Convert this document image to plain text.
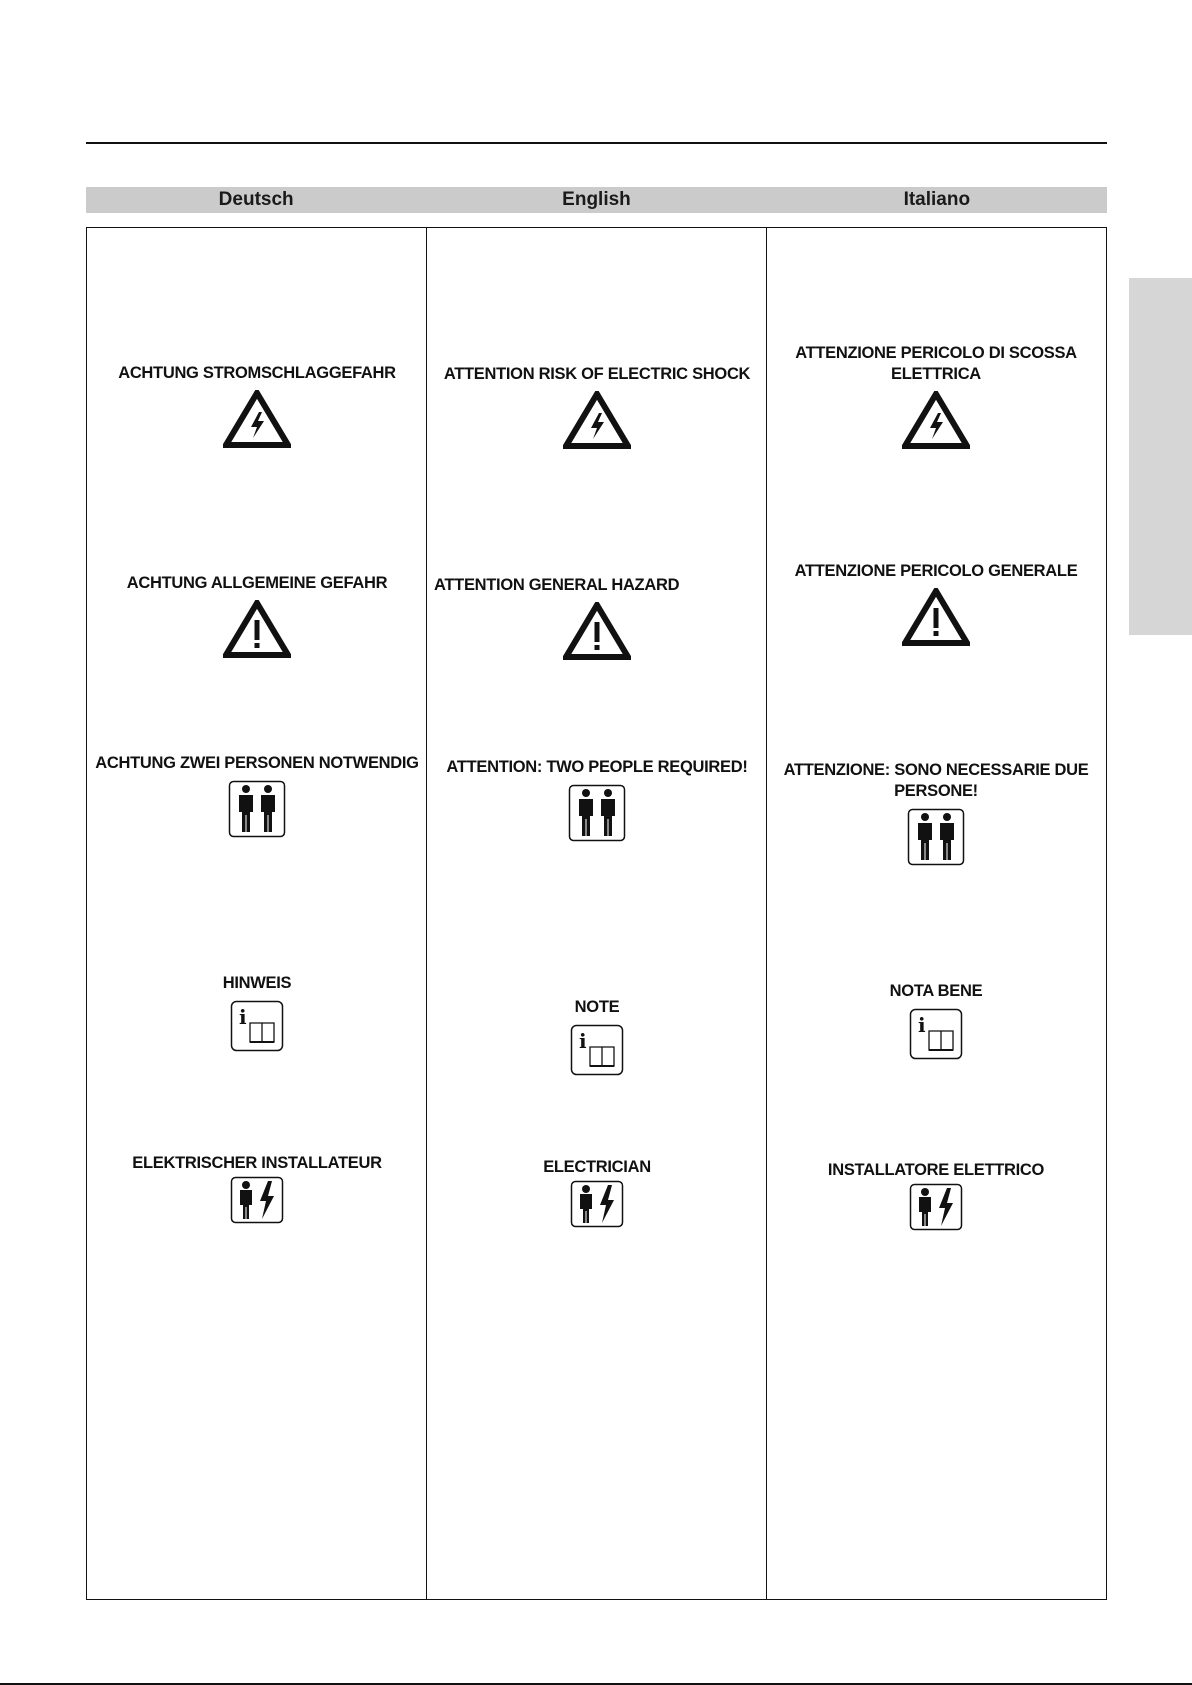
Deutsch	English	Italiano
ACHTUNG STROMSCHLAGGEFAHR
ACHTUNG ALLGEMEINE GEFAHR
ACHTUNG ZWEI PERSONEN NOTWENDIG
HINWEIS
i
ELEKTRISCHER INSTALLATEUR
ATTENTION RISK OF ELECTRIC SHOCK
ATTENTION GENERAL HAZARD
ATTENTION: TWO PEOPLE REQUIRED!
NOTE
i
ELECTRICIAN
ATTENZIONE PERICOLO DI SCOSSA ELETTRICA
ATTENZIONE PERICOLO GENERALE
ATTENZIONE: SONO NECESSARIE DUE PERSONE!
NOTA BENE
i
INSTALLATORE ELETTRICO
